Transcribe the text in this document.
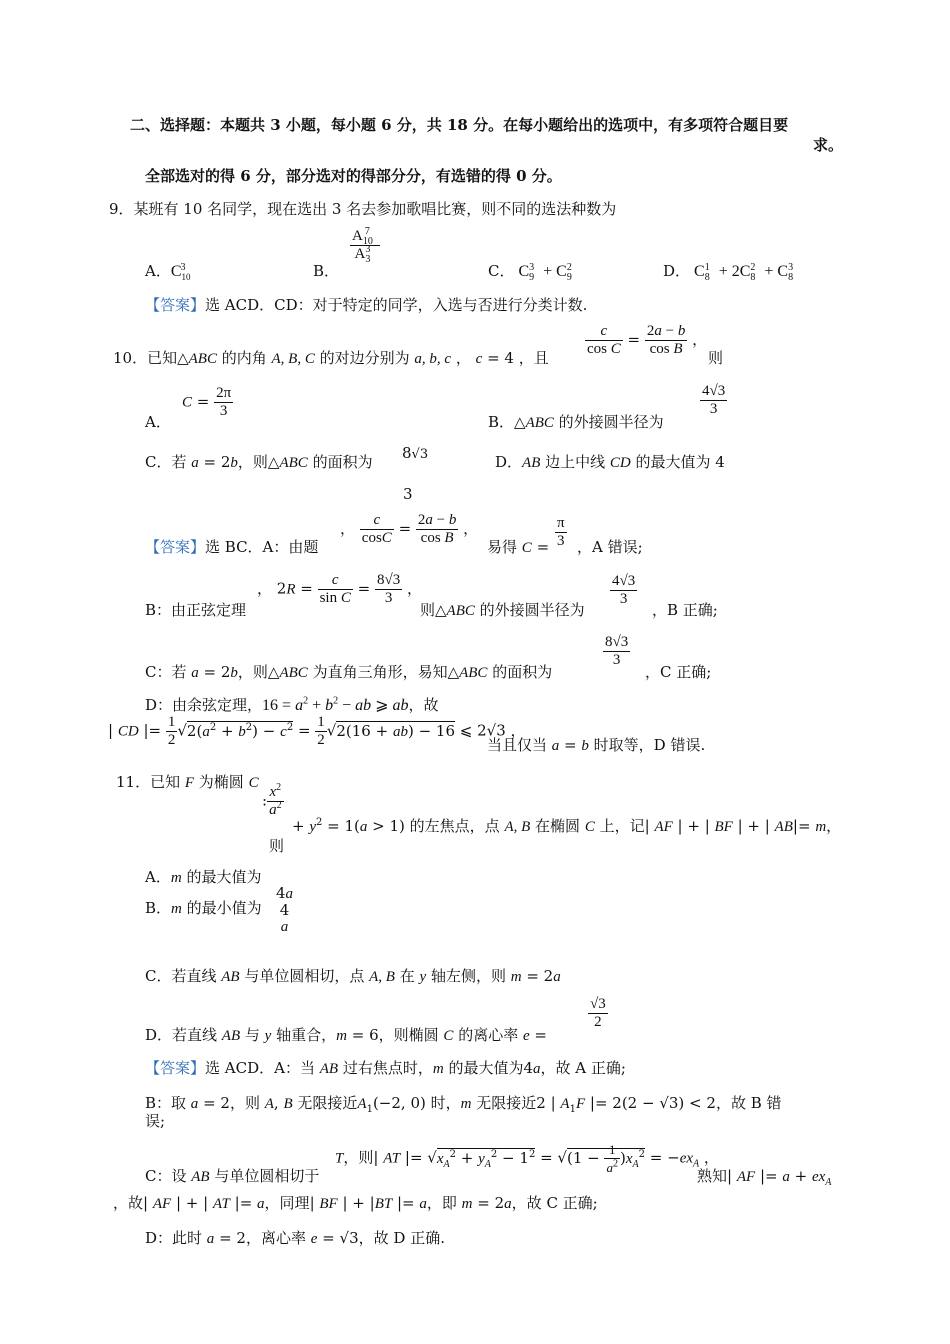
二、选择题：本题共 3 小题，每小题 6 分，共 18 分。在每小题给出的选项中，有多项符合题目要
求。
全部选对的得 6 分，部分选对的得部分分，有选错的得 0 分。
9．某班有 10 名同学，现在选出 3 名去参加歌唱比赛，则不同的选法种数为
A．$C_{10}^3$	B．
$\frac{A_{10}^7}{A_3^3}$
C． $C_9^3 + C_9^2$	D． $C_8^1 + 2C_8^2 + C_8^3$
【答案】选 ACD．CD：对于特定的同学，入选与否进行分类计数.
10．已知△ABC 的内角 A, B, C 的对边分别为 a, b, c ， c = 4 ，且 $\frac{c}{\text{cos C}} = \frac{2a - b}{\text{cos B}}$ ，
则
A．
$C = \frac{2\pi}{3}$
B．△ABC 的外接圆半径为
$\frac{4√3}{3}$
C．若 a = 2b，则△ABC 的面积为 8√3
3
D．AB 边上中线 CD 的最大值为 4
【答案】选 BC．A：由题
， $\frac{c}{\cos C} = \frac{2a - b}{\text{cos B}}$ ，
易得 $C = \frac{\pi}{3}$ ，A 错误;
B：由正弦定理
， $2R = \frac{c}{\text{sin C}} = \frac{8√3}{3}$ ，
则△ABC 的外接圆半径为
$\frac{4√3}{3}$
，B 正确;
C：若 a = 2b，则△ABC 为直角三角形，易知△ABC 的面积为
$\frac{8√3}{3}$
，C 正确;
D：由余弦定理，$16 = a^2 + b^2$ − ab ⩾ ab，故
| CD |= $\frac{1}{2} √2(a^2 + b^2) - c^2 = \frac{1}{2} √2(16 + ab) - 16$ ⩽ 2√3 ，
当且仅当 a = b 时取等，D 错误.
11．已知 F 为椭圆 C
: $\frac{x^2}{a^2}$
+ $y^2 = 1(a > 1)$ 的左焦点，点 A, B 在椭圆 C 上，记| AF | + | BF | + | AB|= m，
则
A．m 的最大值为
B．m 的最小值为
4a
4
a
C．若直线 AB 与单位圆相切，点 A, B 在 y 轴左侧，则 m = 2a
D．若直线 AB 与 y 轴重合，m = 6，则椭圆 C 的离心率 e =
$\frac{√3}{2}$
【答案】选 ACD．A：当 AB 过右焦点时，m 的最大值为4a，故 A 正确;
B：取 a = 2，则 A, B 无限接近$A_1(-2$, 0) 时，m 无限接近2 | $A_1F$ |= 2(2 − √3) < 2，故 B 错
误;
C：设 AB 与单位圆相切于
T，则| AT |= $√x_A^2 + y_A^2 - 1^2 = √(1 - \frac{1}{a^2} )x_A^2 = -ex_A$ ，
熟知| AF |= $a + ex_A$
，故| AF | + | AT |= a，同理| BF | + |BT |= a，即 m = 2a，故 C 正确;
D：此时 a = 2，离心率 e = √3，故 D 正确.
